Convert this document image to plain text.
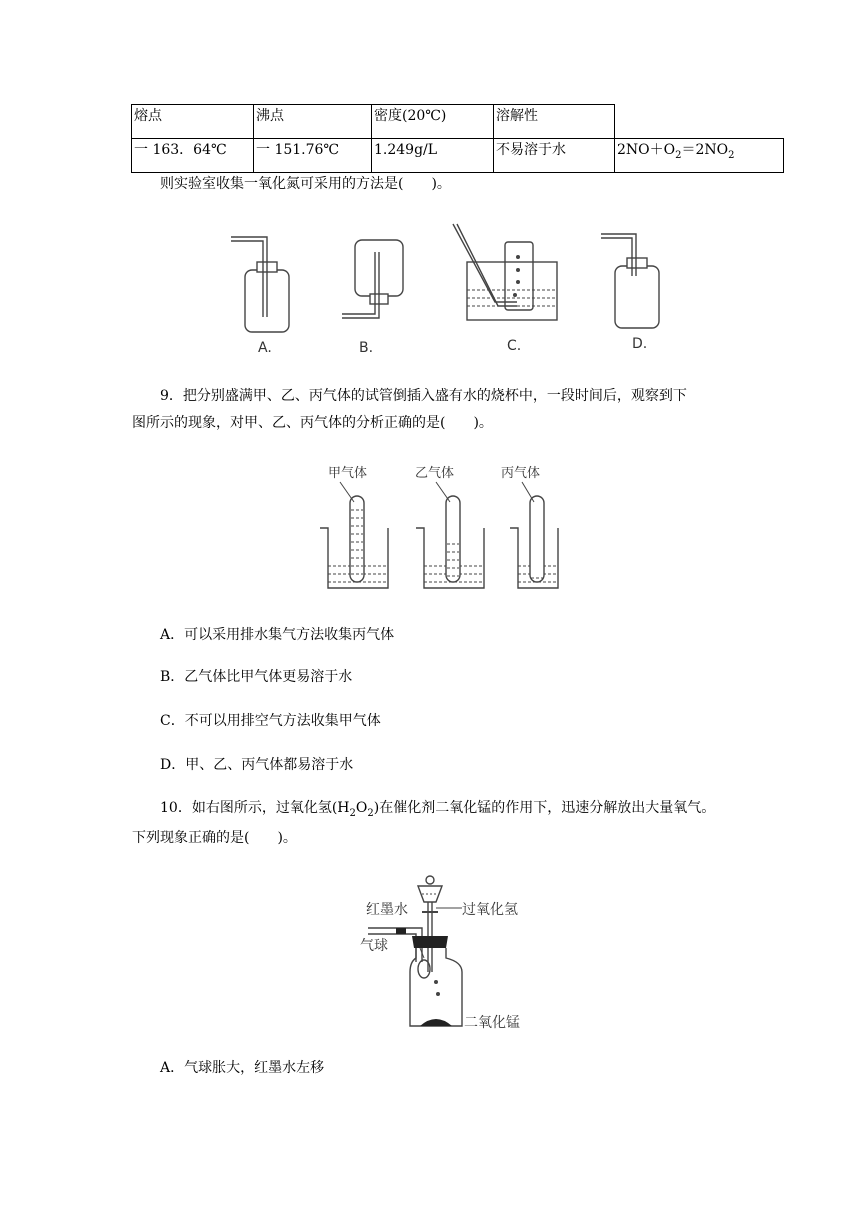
熔点	沸点	密度(20℃)	溶解性	
一 163．64℃	一 151.76℃	1.249g/L	不易溶于水	$2NO+O_2=2NO_2$
则实验室收集一氧化氮可采用的方法是(　　)。
A.	B.	C.	D.
9．把分别盛满甲、乙、丙气体的试管倒插入盛有水的烧杯中，一段时间后，观察到下
图所示的现象，对甲、乙、丙气体的分析正确的是(　　)。
甲气体	乙气体	丙气体
A．可以采用排水集气方法收集丙气体
B．乙气体比甲气体更易溶于水
C．不可以用排空气方法收集甲气体
D．甲、乙、丙气体都易溶于水
10．如右图所示，过氧化氢$(H_2O_2)$在催化剂二氧化锰的作用下，迅速分解放出大量氧气。
下列现象正确的是(　　)。
红墨水	过氧化氢
气球
二氧化锰
A．气球胀大，红墨水左移
